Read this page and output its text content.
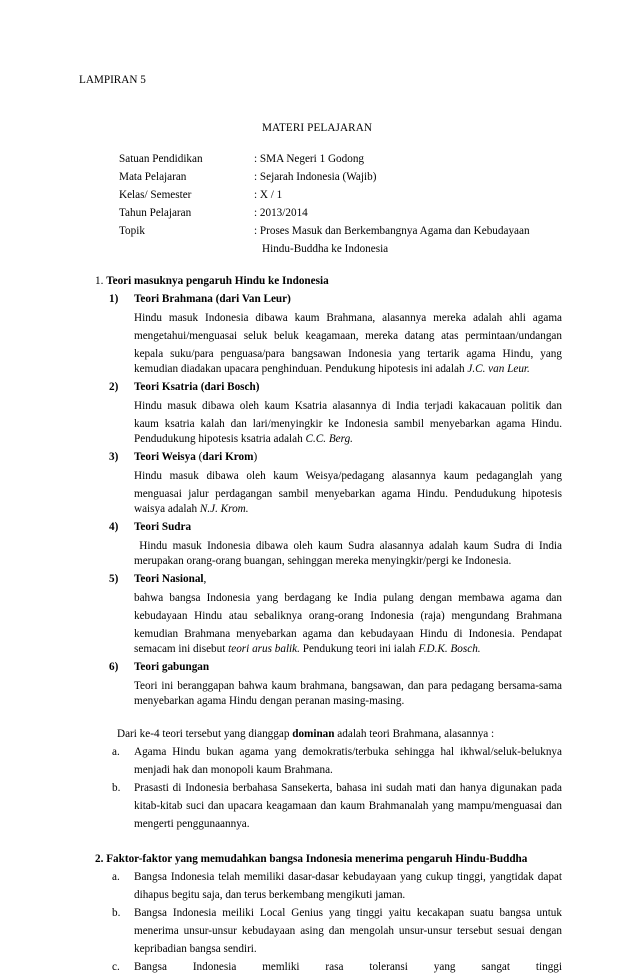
LAMPIRAN 5
MATERI PELAJARAN
Satuan Pendidikan	: SMA Negeri 1 Godong
Mata Pelajaran	: Sejarah Indonesia (Wajib)
Kelas/ Semester	: X / 1
Tahun Pelajaran	: 2013/2014
Topik	: Proses Masuk dan Berkembangnya Agama dan Kebudayaan
Hindu-Buddha ke Indonesia
1. Teori masuknya pengaruh Hindu ke Indonesia
1) Teori Brahmana (dari Van Leur)
Hindu masuk Indonesia dibawa kaum Brahmana, alasannya mereka adalah ahli agama
mengetahui/menguasai seluk beluk keagamaan, mereka datang atas permintaan/undangan
kepala suku/para penguasa/para bangsawan Indonesia yang tertarik agama Hindu, yang
kemudian diadakan upacara penghinduan. Pendukung hipotesis ini adalah J.C. van Leur.
2) Teori Ksatria (dari Bosch)
Hindu masuk dibawa oleh kaum Ksatria alasannya di India terjadi kakacauan politik dan
kaum ksatria kalah dan lari/menyingkir ke Indonesia sambil menyebarkan agama Hindu.
Pendudukung hipotesis ksatria adalah C.C. Berg.
3) Teori Weisya (dari Krom)
Hindu masuk dibawa oleh kaum Weisya/pedagang alasannya kaum pedaganglah yang
menguasai jalur perdagangan sambil menyebarkan agama Hindu. Pendudukung hipotesis
waisya adalah N.J. Krom.
4) Teori Sudra
Hindu masuk Indonesia dibawa oleh kaum Sudra alasannya adalah kaum Sudra di India
merupakan orang-orang buangan, sehinggan mereka menyingkir/pergi ke Indonesia.
5) Teori Nasional,
bahwa bangsa Indonesia yang berdagang ke India pulang dengan membawa agama dan
kebudayaan Hindu atau sebaliknya orang-orang Indonesia (raja) mengundang Brahmana
kemudian Brahmana menyebarkan agama dan kebudayaan Hindu di Indonesia. Pendapat
semacam ini disebut teori arus balik. Pendukung teori ini ialah F.D.K. Bosch.
6) Teori gabungan
Teori ini beranggapan bahwa kaum brahmana, bangsawan, dan para pedagang bersama-sama
menyebarkan agama Hindu dengan peranan masing-masing.
Dari ke-4 teori tersebut yang dianggap dominan adalah teori Brahmana, alasannya :
a. Agama Hindu bukan agama yang demokratis/terbuka sehingga hal ikhwal/seluk-beluknya
menjadi hak dan monopoli kaum Brahmana.
b. Prasasti di Indonesia berbahasa Sansekerta, bahasa ini sudah mati dan hanya digunakan pada
kitab-kitab suci dan upacara keagamaan dan kaum Brahmanalah yang mampu/menguasai dan
mengerti penggunaannya.
2. Faktor-faktor yang memudahkan bangsa Indonesia menerima pengaruh Hindu-Buddha
a. Bangsa Indonesia telah memiliki dasar-dasar kebudayaan yang cukup tinggi, yangtidak dapat
dihapus begitu saja, dan terus berkembang mengikuti jaman.
b. Bangsa Indonesia meiliki Local Genius yang tinggi yaitu kecakapan suatu bangsa untuk
menerima unsur-unsur kebudayaan asing dan mengolah unsur-unsur tersebut sesuai dengan
kepribadian bangsa sendiri.
c. Bangsa Indonesia memliki rasa toleransi yang sangat tinggi
